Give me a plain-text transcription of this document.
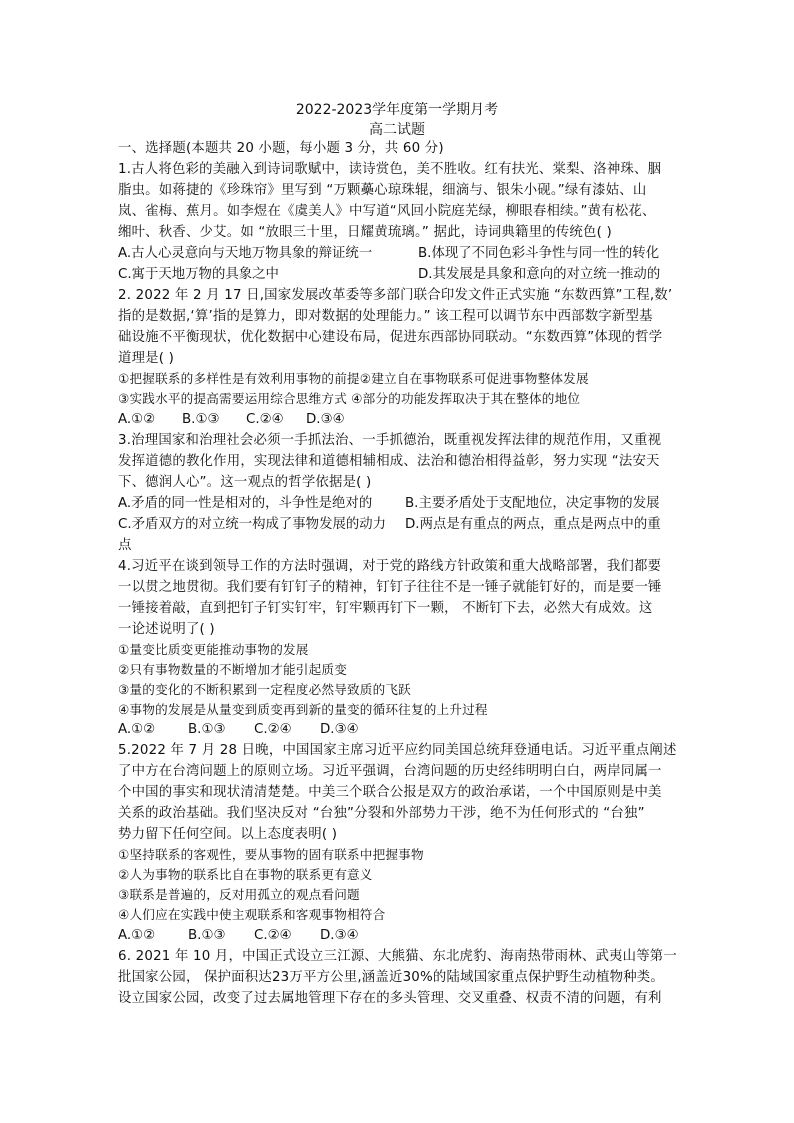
2022-2023学年度第一学期月考
高二试题
一、选择题(本题共 20 小题，每小题 3 分，共 60 分)
1.古人将色彩的美融入到诗词歌赋中，读诗赏色，美不胜收。红有扶光、棠梨、洛神珠、胭
脂虫。如蒋捷的《珍珠帘》里写到 “万颗蘽心琼珠辊，细滴与、银朱小砚。”绿有漆姑、山
岚、雀梅、蕉月。如李煜在《虞美人》中写道“风回小院庭芜绿，柳眼春相续。”黄有松花、
缃叶、秋香、少艾。如 “放眼三十里，日耀黄琉璃。” 据此，诗词典籍里的传统色( )
A.古人心灵意向与天地万物具象的辩证统一	B.体现了不同色彩斗争性与同一性的转化
C.寓于天地万物的具象之中	D.其发展是具象和意向的对立统一推动的
2. 2022 年 2 月 17 日,国家发展改革委等多部门联合印发文件正式实施 “东数西算”工程,数’
指的是数据,‘算’指的是算力，即对数据的处理能力。” 该工程可以调节东中西部数字新型基
础设施不平衡现状，优化数据中心建设布局，促进东西部协同联动。“东数西算”体现的哲学
道理是( )
①把握联系的多样性是有效利用事物的前提②建立自在事物联系可促进事物整体发展
③实践水平的提高需要运用综合思维方式 ④部分的功能发挥取决于其在整体的地位
A.①② B.①③ C.②④ D.③④
3.治理国家和治理社会必须一手抓法治、一手抓德治，既重视发挥法律的规范作用，又重视
发挥道德的教化作用，实现法律和道德相辅相成、法治和德治相得益彰，努力实现 “法安天
下、德润人心”。这一观点的哲学依据是( )
A.矛盾的同一性是相对的，斗争性是绝对的 B.主要矛盾处于支配地位，决定事物的发展
C.矛盾双方的对立统一构成了事物发展的动力 D.两点是有重点的两点，重点是两点中的重
点
4.习近平在谈到领导工作的方法时强调，对于党的路线方针政策和重大战略部署，我们都要
一以贯之地贯彻。我们要有钉钉子的精神，钉钉子往往不是一锤子就能钉好的，而是要一锤
一锤接着敲，直到把钉子钉实钉牢，钉牢颗再钉下一颗， 不断钉下去，必然大有成效。这
一论述说明了( )
①量变比质变更能推动事物的发展
②只有事物数量的不断增加才能引起质变
③量的变化的不断积累到一定程度必然导致质的飞跃
④事物的发展是从量变到质变再到新的量变的循环往复的上升过程
A.①② B.①③ C.②④ D.③④
5.2022 年 7 月 28 日晚，中国国家主席习近平应约同美国总统拜登通电话。习近平重点阐述
了中方在台湾问题上的原则立场。习近平强调，台湾问题的历史经纬明明白白，两岸同属一
个中国的事实和现状清清楚楚。中美三个联合公报是双方的政治承诺，一个中国原则是中美
关系的政治基础。我们坚决反对 “台独”分裂和外部势力干涉，绝不为任何形式的 “台独”
势力留下任何空间。以上态度表明( )
①坚持联系的客观性，要从事物的固有联系中把握事物
②人为事物的联系比自在事物的联系更有意义
③联系是普遍的，反对用孤立的观点看问题
④人们应在实践中使主观联系和客观事物相符合
A.①② B.①③ C.②④ D.③④
6. 2021 年 10 月，中国正式设立三江源、大熊猫、东北虎豹、海南热带雨林、武夷山等第一
批国家公园， 保护面积达23万平方公里,涵盖近30%的陆域国家重点保护野生动植物种类。
设立国家公园，改变了过去属地管理下存在的多头管理、交叉重叠、权责不清的问题，有利
